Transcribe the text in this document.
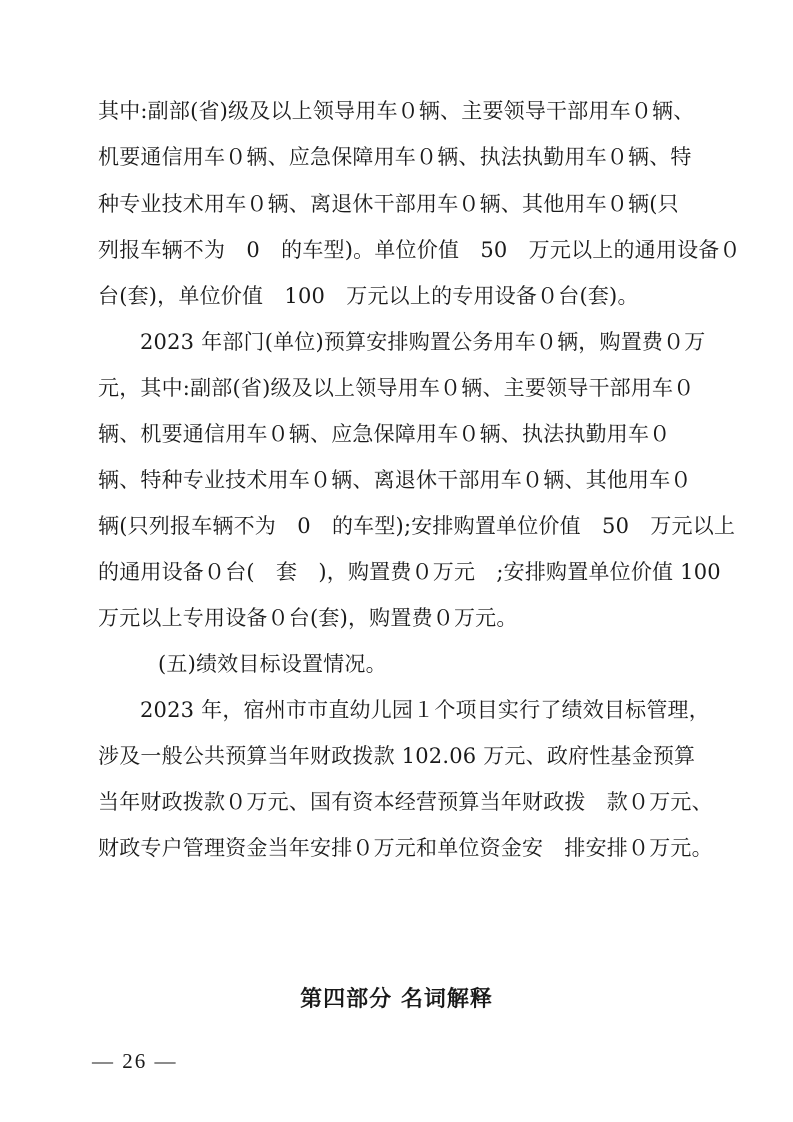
其中:副部(省)级及以上领导用车０辆、主要领导干部用车０辆、
机要通信用车０辆、应急保障用车０辆、执法执勤用车０辆、特
种专业技术用车０辆、离退休干部用车０辆、其他用车０辆(只
列报车辆不为　0　的车型)。单位价值　50　万元以上的通用设备０
台(套)，单位价值　100　万元以上的专用设备０台(套)。
2023 年部门(单位)预算安排购置公务用车０辆，购置费０万
元，其中:副部(省)级及以上领导用车０辆、主要领导干部用车０
辆、机要通信用车０辆、应急保障用车０辆、执法执勤用车０
辆、特种专业技术用车０辆、离退休干部用车０辆、其他用车０
辆(只列报车辆不为　0　的车型);安排购置单位价值　50　万元以上
的通用设备０台(　套　)，购置费０万元　;安排购置单位价值 100
万元以上专用设备０台(套)，购置费０万元。
(五)绩效目标设置情况。
2023 年，宿州市市直幼儿园１个项目实行了绩效目标管理，
涉及一般公共预算当年财政拨款 102.06 万元、政府性基金预算
当年财政拨款０万元、国有资本经营预算当年财政拨　款０万元、
财政专户管理资金当年安排０万元和单位资金安　排安排０万元。
第四部分 名词解释
— 26 —
